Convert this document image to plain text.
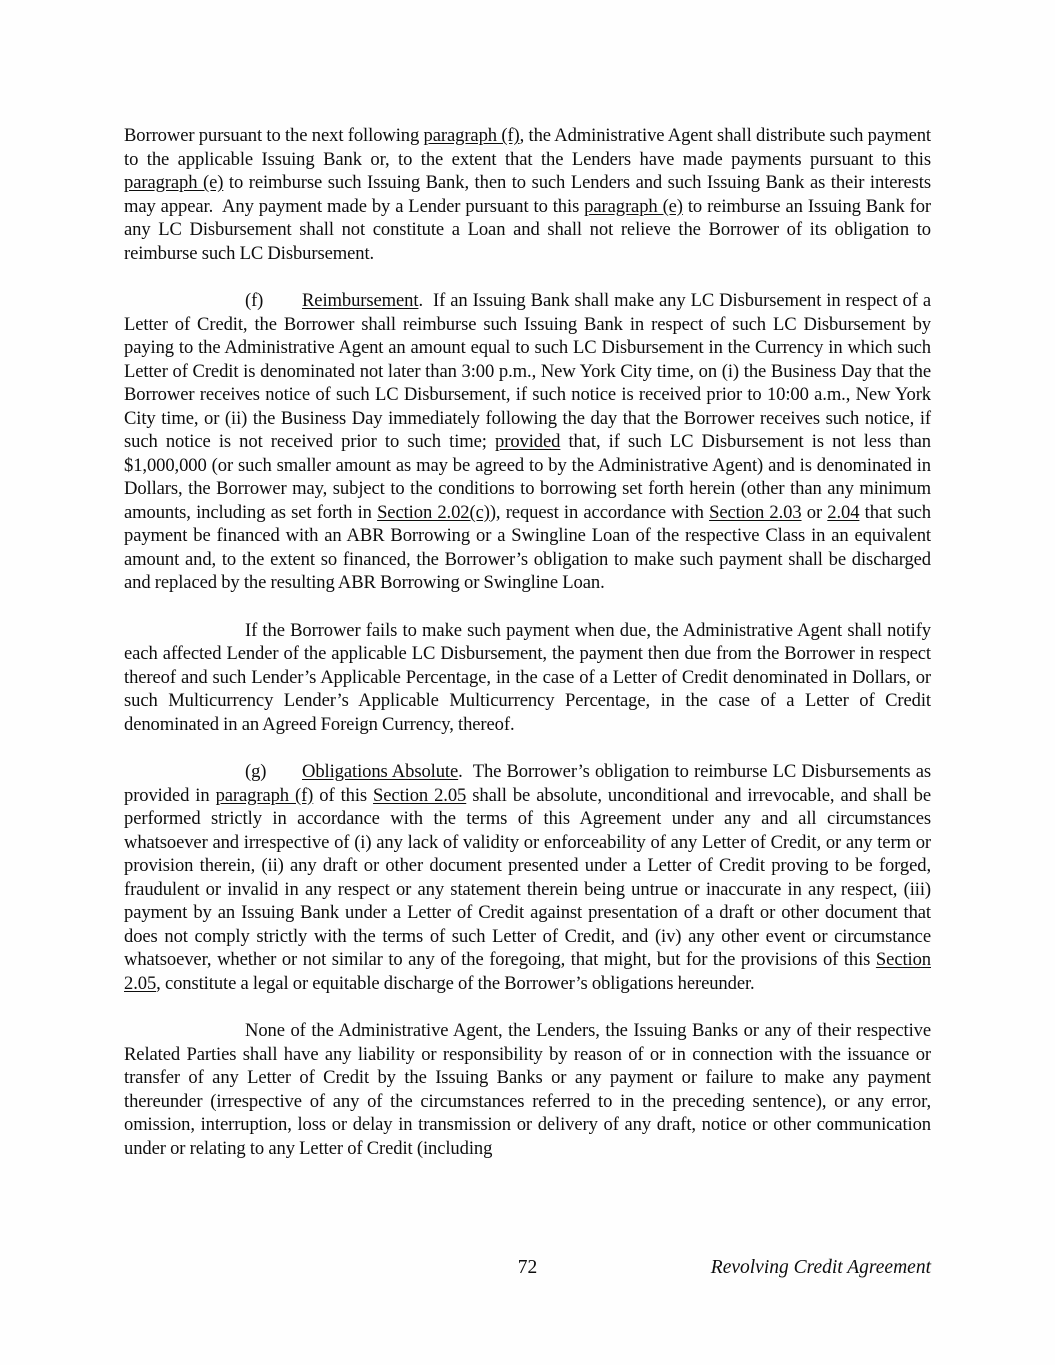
Borrower pursuant to the next following paragraph (f), the Administrative Agent shall distribute such payment to the applicable Issuing Bank or, to the extent that the Lenders have made payments pursuant to this paragraph (e) to reimburse such Issuing Bank, then to such Lenders and such Issuing Bank as their interests may appear.  Any payment made by a Lender pursuant to this paragraph (e) to reimburse an Issuing Bank for any LC Disbursement shall not constitute a Loan and shall not relieve the Borrower of its obligation to reimburse such LC Disbursement.

(f) Reimbursement.  If an Issuing Bank shall make any LC Disbursement in respect of a Letter of Credit, the Borrower shall reimburse such Issuing Bank in respect of such LC Disbursement by paying to the Administrative Agent an amount equal to such LC Disbursement in the Currency in which such Letter of Credit is denominated not later than 3:00 p.m., New York City time, on (i) the Business Day that the Borrower receives notice of such LC Disbursement, if such notice is received prior to 10:00 a.m., New York City time, or (ii) the Business Day immediately following the day that the Borrower receives such notice, if such notice is not received prior to such time; provided that, if such LC Disbursement is not less than $1,000,000 (or such smaller amount as may be agreed to by the Administrative Agent) and is denominated in Dollars, the Borrower may, subject to the conditions to borrowing set forth herein (other than any minimum amounts, including as set forth in Section 2.02(c)), request in accordance with Section 2.03 or 2.04 that such payment be financed with an ABR Borrowing or a Swingline Loan of the respective Class in an equivalent amount and, to the extent so financed, the Borrower’s obligation to make such payment shall be discharged and replaced by the resulting ABR Borrowing or Swingline Loan.

If the Borrower fails to make such payment when due, the Administrative Agent shall notify each affected Lender of the applicable LC Disbursement, the payment then due from the Borrower in respect thereof and such Lender’s Applicable Percentage, in the case of a Letter of Credit denominated in Dollars, or such Multicurrency Lender’s Applicable Multicurrency Percentage, in the case of a Letter of Credit denominated in an Agreed Foreign Currency, thereof.

(g) Obligations Absolute.  The Borrower’s obligation to reimburse LC Disbursements as provided in paragraph (f) of this Section 2.05 shall be absolute, unconditional and irrevocable, and shall be performed strictly in accordance with the terms of this Agreement under any and all circumstances whatsoever and irrespective of (i) any lack of validity or enforceability of any Letter of Credit, or any term or provision therein, (ii) any draft or other document presented under a Letter of Credit proving to be forged, fraudulent or invalid in any respect or any statement therein being untrue or inaccurate in any respect, (iii) payment by an Issuing Bank under a Letter of Credit against presentation of a draft or other document that does not comply strictly with the terms of such Letter of Credit, and (iv) any other event or circumstance whatsoever, whether or not similar to any of the foregoing, that might, but for the provisions of this Section 2.05, constitute a legal or equitable discharge of the Borrower’s obligations hereunder.

None of the Administrative Agent, the Lenders, the Issuing Banks or any of their respective Related Parties shall have any liability or responsibility by reason of or in connection with the issuance or transfer of any Letter of Credit by the Issuing Banks or any payment or failure to make any payment thereunder (irrespective of any of the circumstances referred to in the preceding sentence), or any error, omission, interruption, loss or delay in transmission or delivery of any draft, notice or other communication under or relating to any Letter of Credit (including

72	Revolving Credit Agreement
